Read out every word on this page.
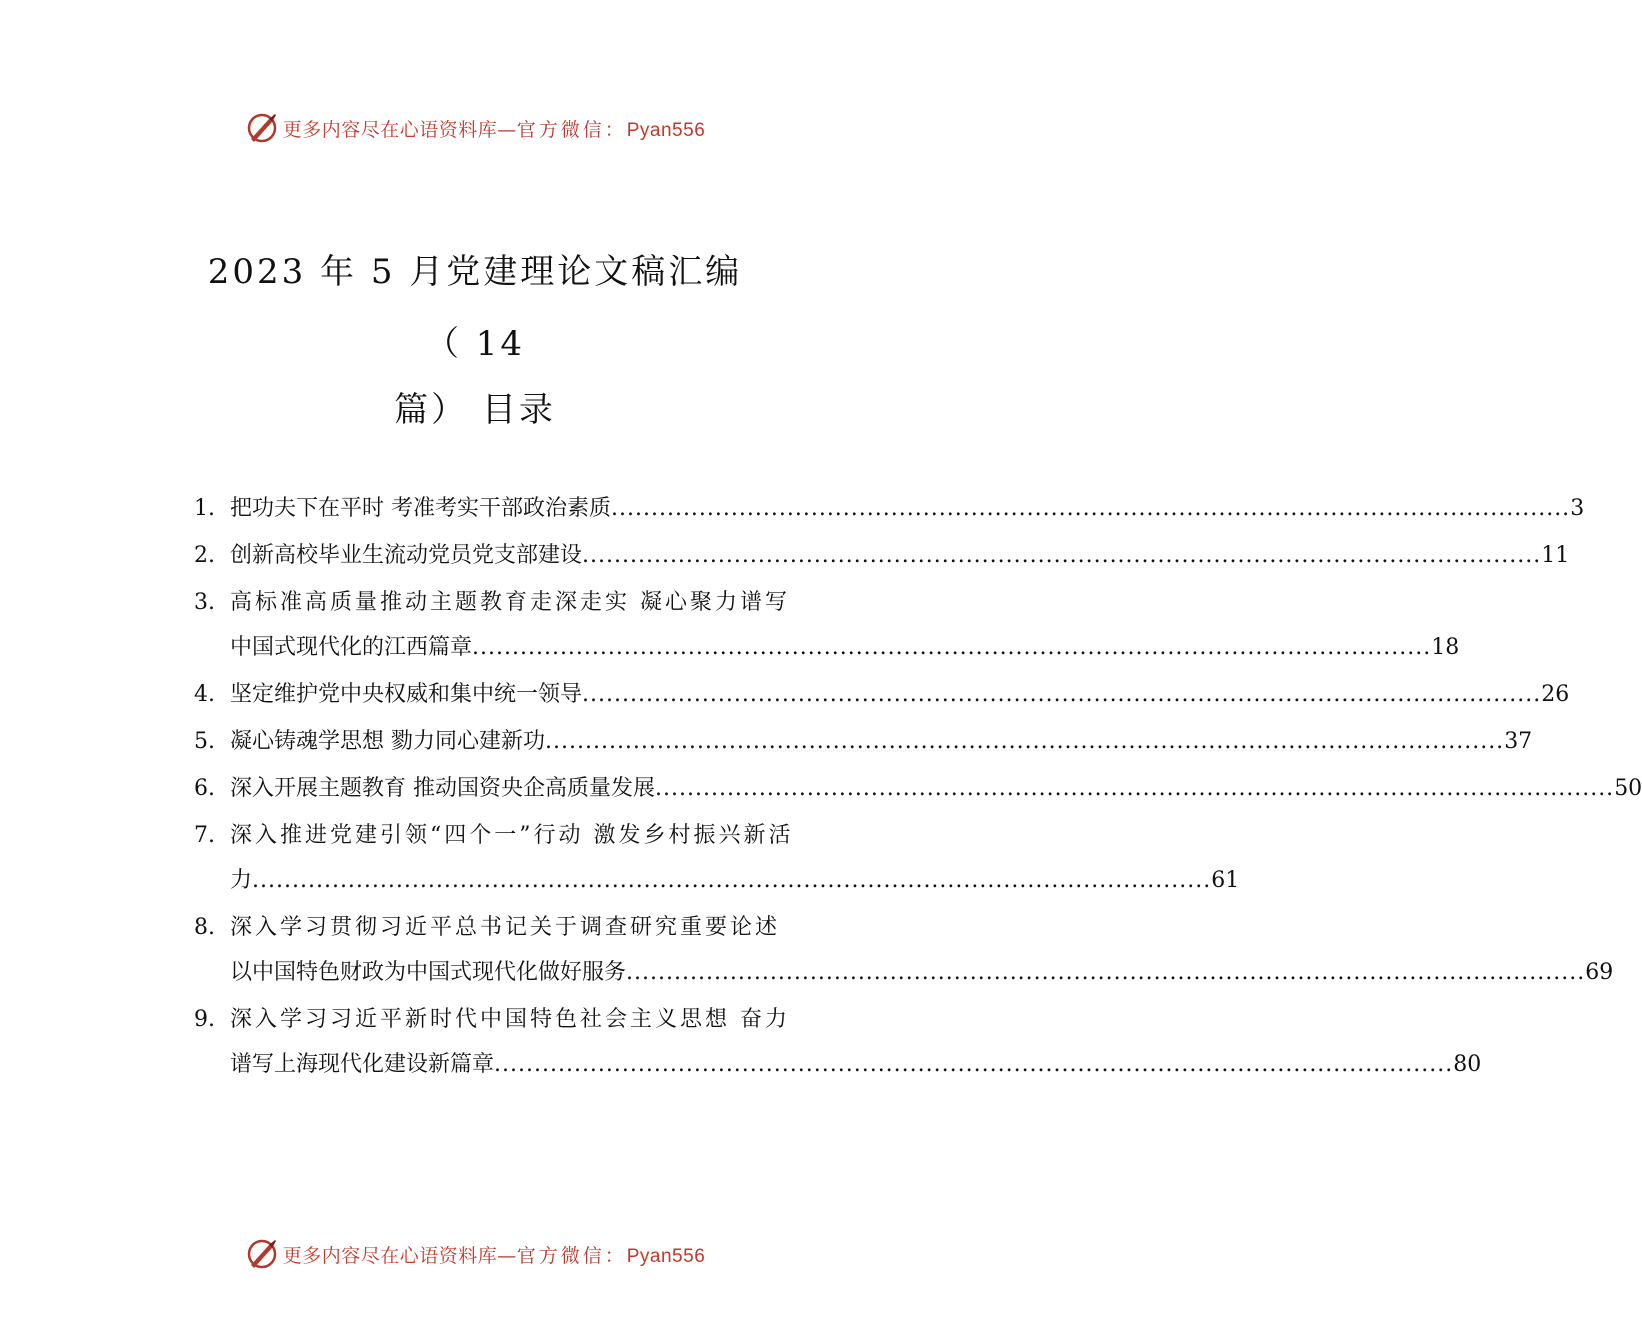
更多内容尽在心语资料库—官方微信：Pyan556
2023 年 5 月党建理论文稿汇编
（ 14
篇） 目录
1. 把功夫下在平时 考准考实干部政治素质 ........................................................................................................................ 3
2. 创新高校毕业生流动党员党支部建设 ........................................................................................................................ 11
3. 高标准高质量推动主题教育走深走实 凝心聚力谱写
中国式现代化的江西篇章 ........................................................................................................................ 18
4. 坚定维护党中央权威和集中统一领导 ........................................................................................................................ 26
5. 凝心铸魂学思想 勠力同心建新功 ........................................................................................................................ 37
6. 深入开展主题教育 推动国资央企高质量发展 ........................................................................................................................ 50
7. 深入推进党建引领“四个一”行动 激发乡村振兴新活
力 ........................................................................................................................ 61
8. 深入学习贯彻习近平总书记关于调查研究重要论述
以中国特色财政为中国式现代化做好服务 ........................................................................................................................ 69
9. 深入学习习近平新时代中国特色社会主义思想 奋力
谱写上海现代化建设新篇章 ........................................................................................................................ 80
更多内容尽在心语资料库—官方微信：Pyan556
